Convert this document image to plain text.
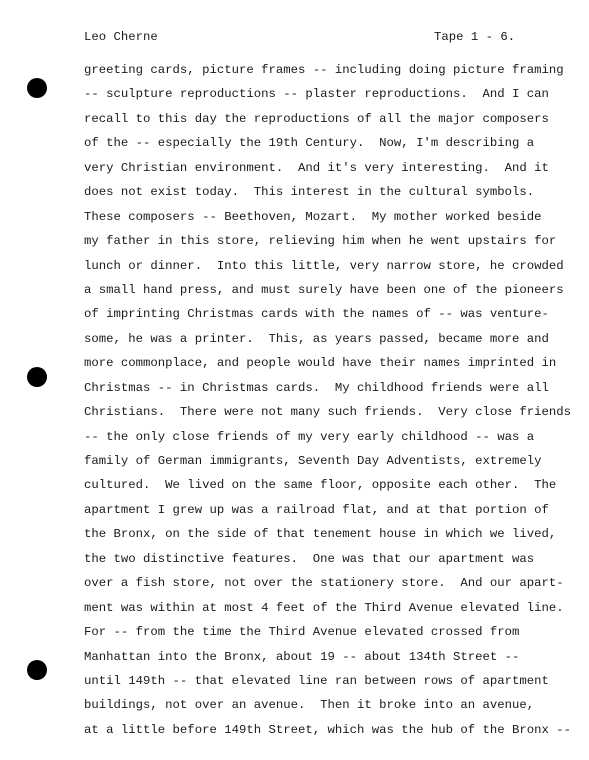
Leo Cherne	Tape 1 - 6.
greeting cards, picture frames -- including doing picture framing
-- sculpture reproductions -- plaster reproductions.  And I can
recall to this day the reproductions of all the major composers
of the -- especially the 19th Century.  Now, I'm describing a
very Christian environment.  And it's very interesting.  And it
does not exist today.  This interest in the cultural symbols.
These composers -- Beethoven, Mozart.  My mother worked beside
my father in this store, relieving him when he went upstairs for
lunch or dinner.  Into this little, very narrow store, he crowded
a small hand press, and must surely have been one of the pioneers
of imprinting Christmas cards with the names of -- was venture-
some, he was a printer.  This, as years passed, became more and
more commonplace, and people would have their names imprinted in
Christmas -- in Christmas cards.  My childhood friends were all
Christians.  There were not many such friends.  Very close friends
-- the only close friends of my very early childhood -- was a
family of German immigrants, Seventh Day Adventists, extremely
cultured.  We lived on the same floor, opposite each other.  The
apartment I grew up was a railroad flat, and at that portion of
the Bronx, on the side of that tenement house in which we lived,
the two distinctive features.  One was that our apartment was
over a fish store, not over the stationery store.  And our apart-
ment was within at most 4 feet of the Third Avenue elevated line.
For -- from the time the Third Avenue elevated crossed from
Manhattan into the Bronx, about 19 -- about 134th Street --
until 149th -- that elevated line ran between rows of apartment
buildings, not over an avenue.  Then it broke into an avenue,
at a little before 149th Street, which was the hub of the Bronx --
